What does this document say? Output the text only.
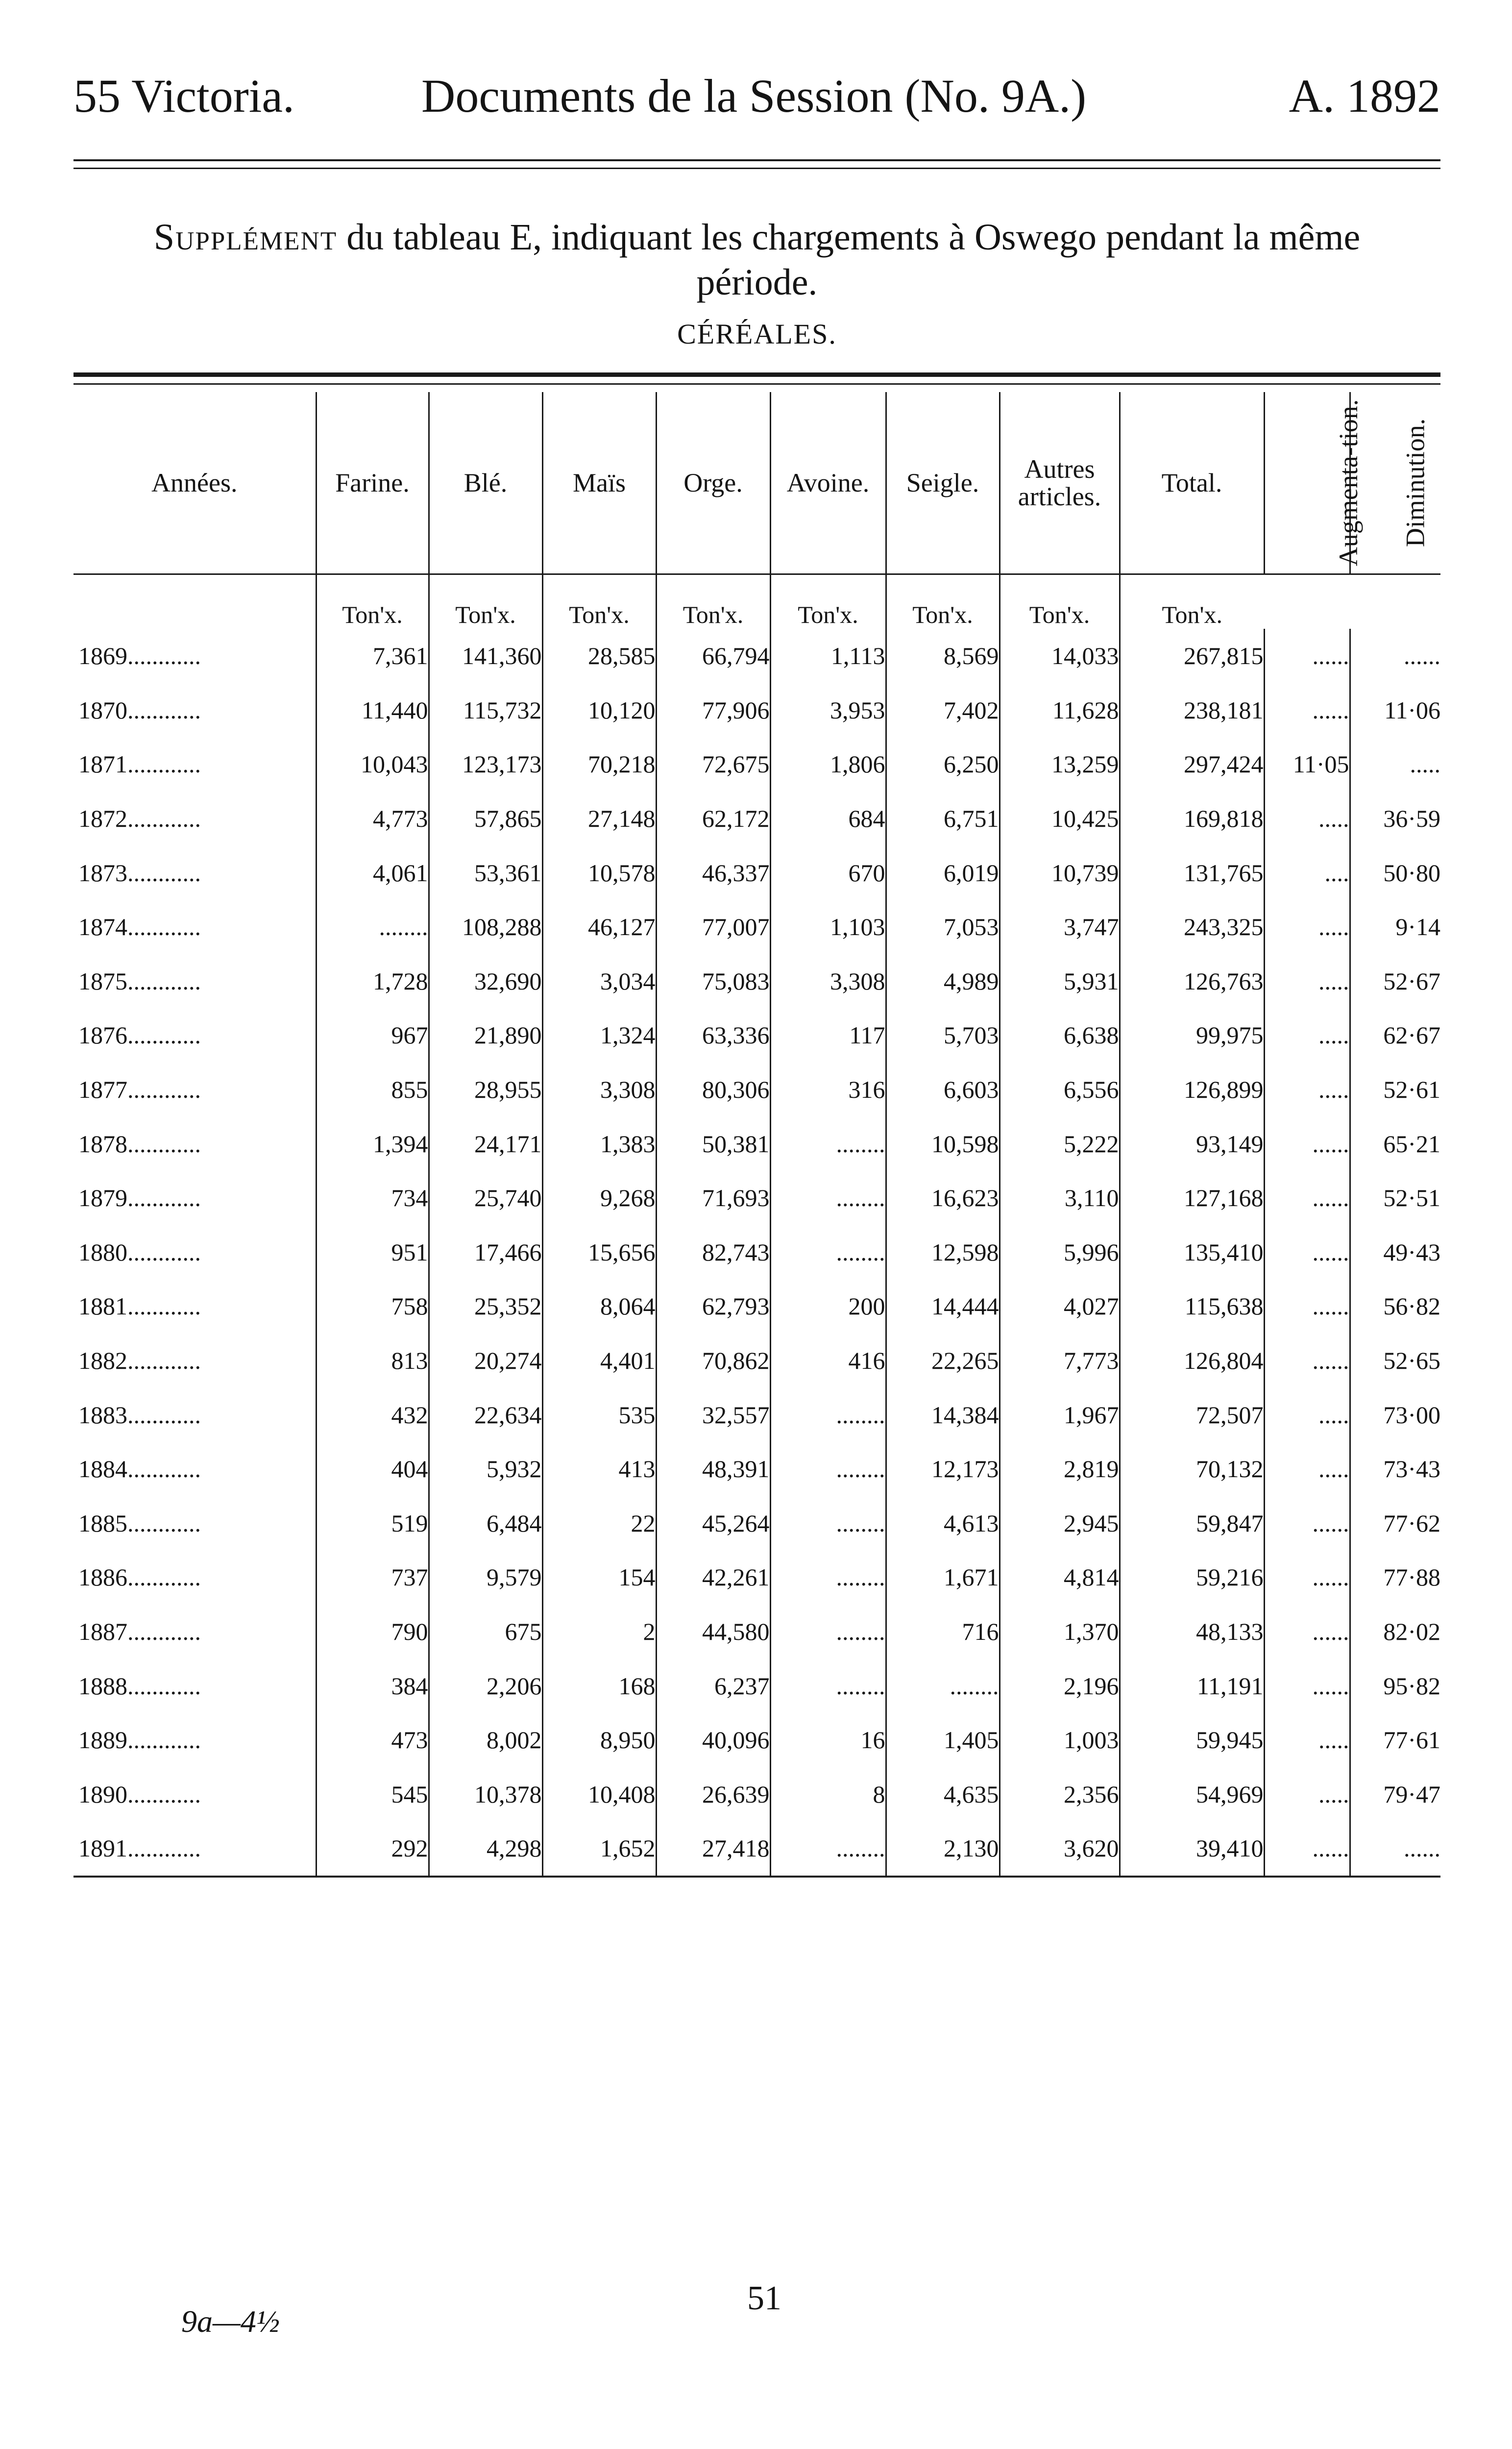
55 Victoria.	Documents de la Session (No. 9A.)	A. 1892
Supplément du tableau E, indiquant les chargements à Oswego pendant la même
période.
CÉRÉALES.
Années.	Farine.	Blé.	Maïs	Orge.	Avoine.	Seigle.	Autres articles.	Total.	Augmenta-tion.	Diminution.
	Ton'x.	Ton'x.	Ton'x.	Ton'x.	Ton'x.	Ton'x.	Ton'x.	Ton'x.		
1869............	7,361	141,360	28,585	66,794	1,113	8,569	14,033	267,815	......	......
1870............	11,440	115,732	10,120	77,906	3,953	7,402	11,628	238,181	......	11·06
1871............	10,043	123,173	70,218	72,675	1,806	6,250	13,259	297,424	11·05	.....
1872............	4,773	57,865	27,148	62,172	684	6,751	10,425	169,818	.....	36·59
1873............	4,061	53,361	10,578	46,337	670	6,019	10,739	131,765	....	50·80
1874............	........	108,288	46,127	77,007	1,103	7,053	3,747	243,325	.....	9·14
1875............	1,728	32,690	3,034	75,083	3,308	4,989	5,931	126,763	.....	52·67
1876............	967	21,890	1,324	63,336	117	5,703	6,638	99,975	.....	62·67
1877............	855	28,955	3,308	80,306	316	6,603	6,556	126,899	.....	52·61
1878............	1,394	24,171	1,383	50,381	........	10,598	5,222	93,149	......	65·21
1879............	734	25,740	9,268	71,693	........	16,623	3,110	127,168	......	52·51
1880............	951	17,466	15,656	82,743	........	12,598	5,996	135,410	......	49·43
1881............	758	25,352	8,064	62,793	200	14,444	4,027	115,638	......	56·82
1882............	813	20,274	4,401	70,862	416	22,265	7,773	126,804	......	52·65
1883............	432	22,634	535	32,557	........	14,384	1,967	72,507	.....	73·00
1884............	404	5,932	413	48,391	........	12,173	2,819	70,132	.....	73·43
1885............	519	6,484	22	45,264	........	4,613	2,945	59,847	......	77·62
1886............	737	9,579	154	42,261	........	1,671	4,814	59,216	......	77·88
1887............	790	675	2	44,580	........	716	1,370	48,133	......	82·02
1888............	384	2,206	168	6,237	........	........	2,196	11,191	......	95·82
1889............	473	8,002	8,950	40,096	16	1,405	1,003	59,945	.....	77·61
1890............	545	10,378	10,408	26,639	8	4,635	2,356	54,969	.....	79·47
1891............	292	4,298	1,652	27,418	........	2,130	3,620	39,410	......	......
51
9a—4½
